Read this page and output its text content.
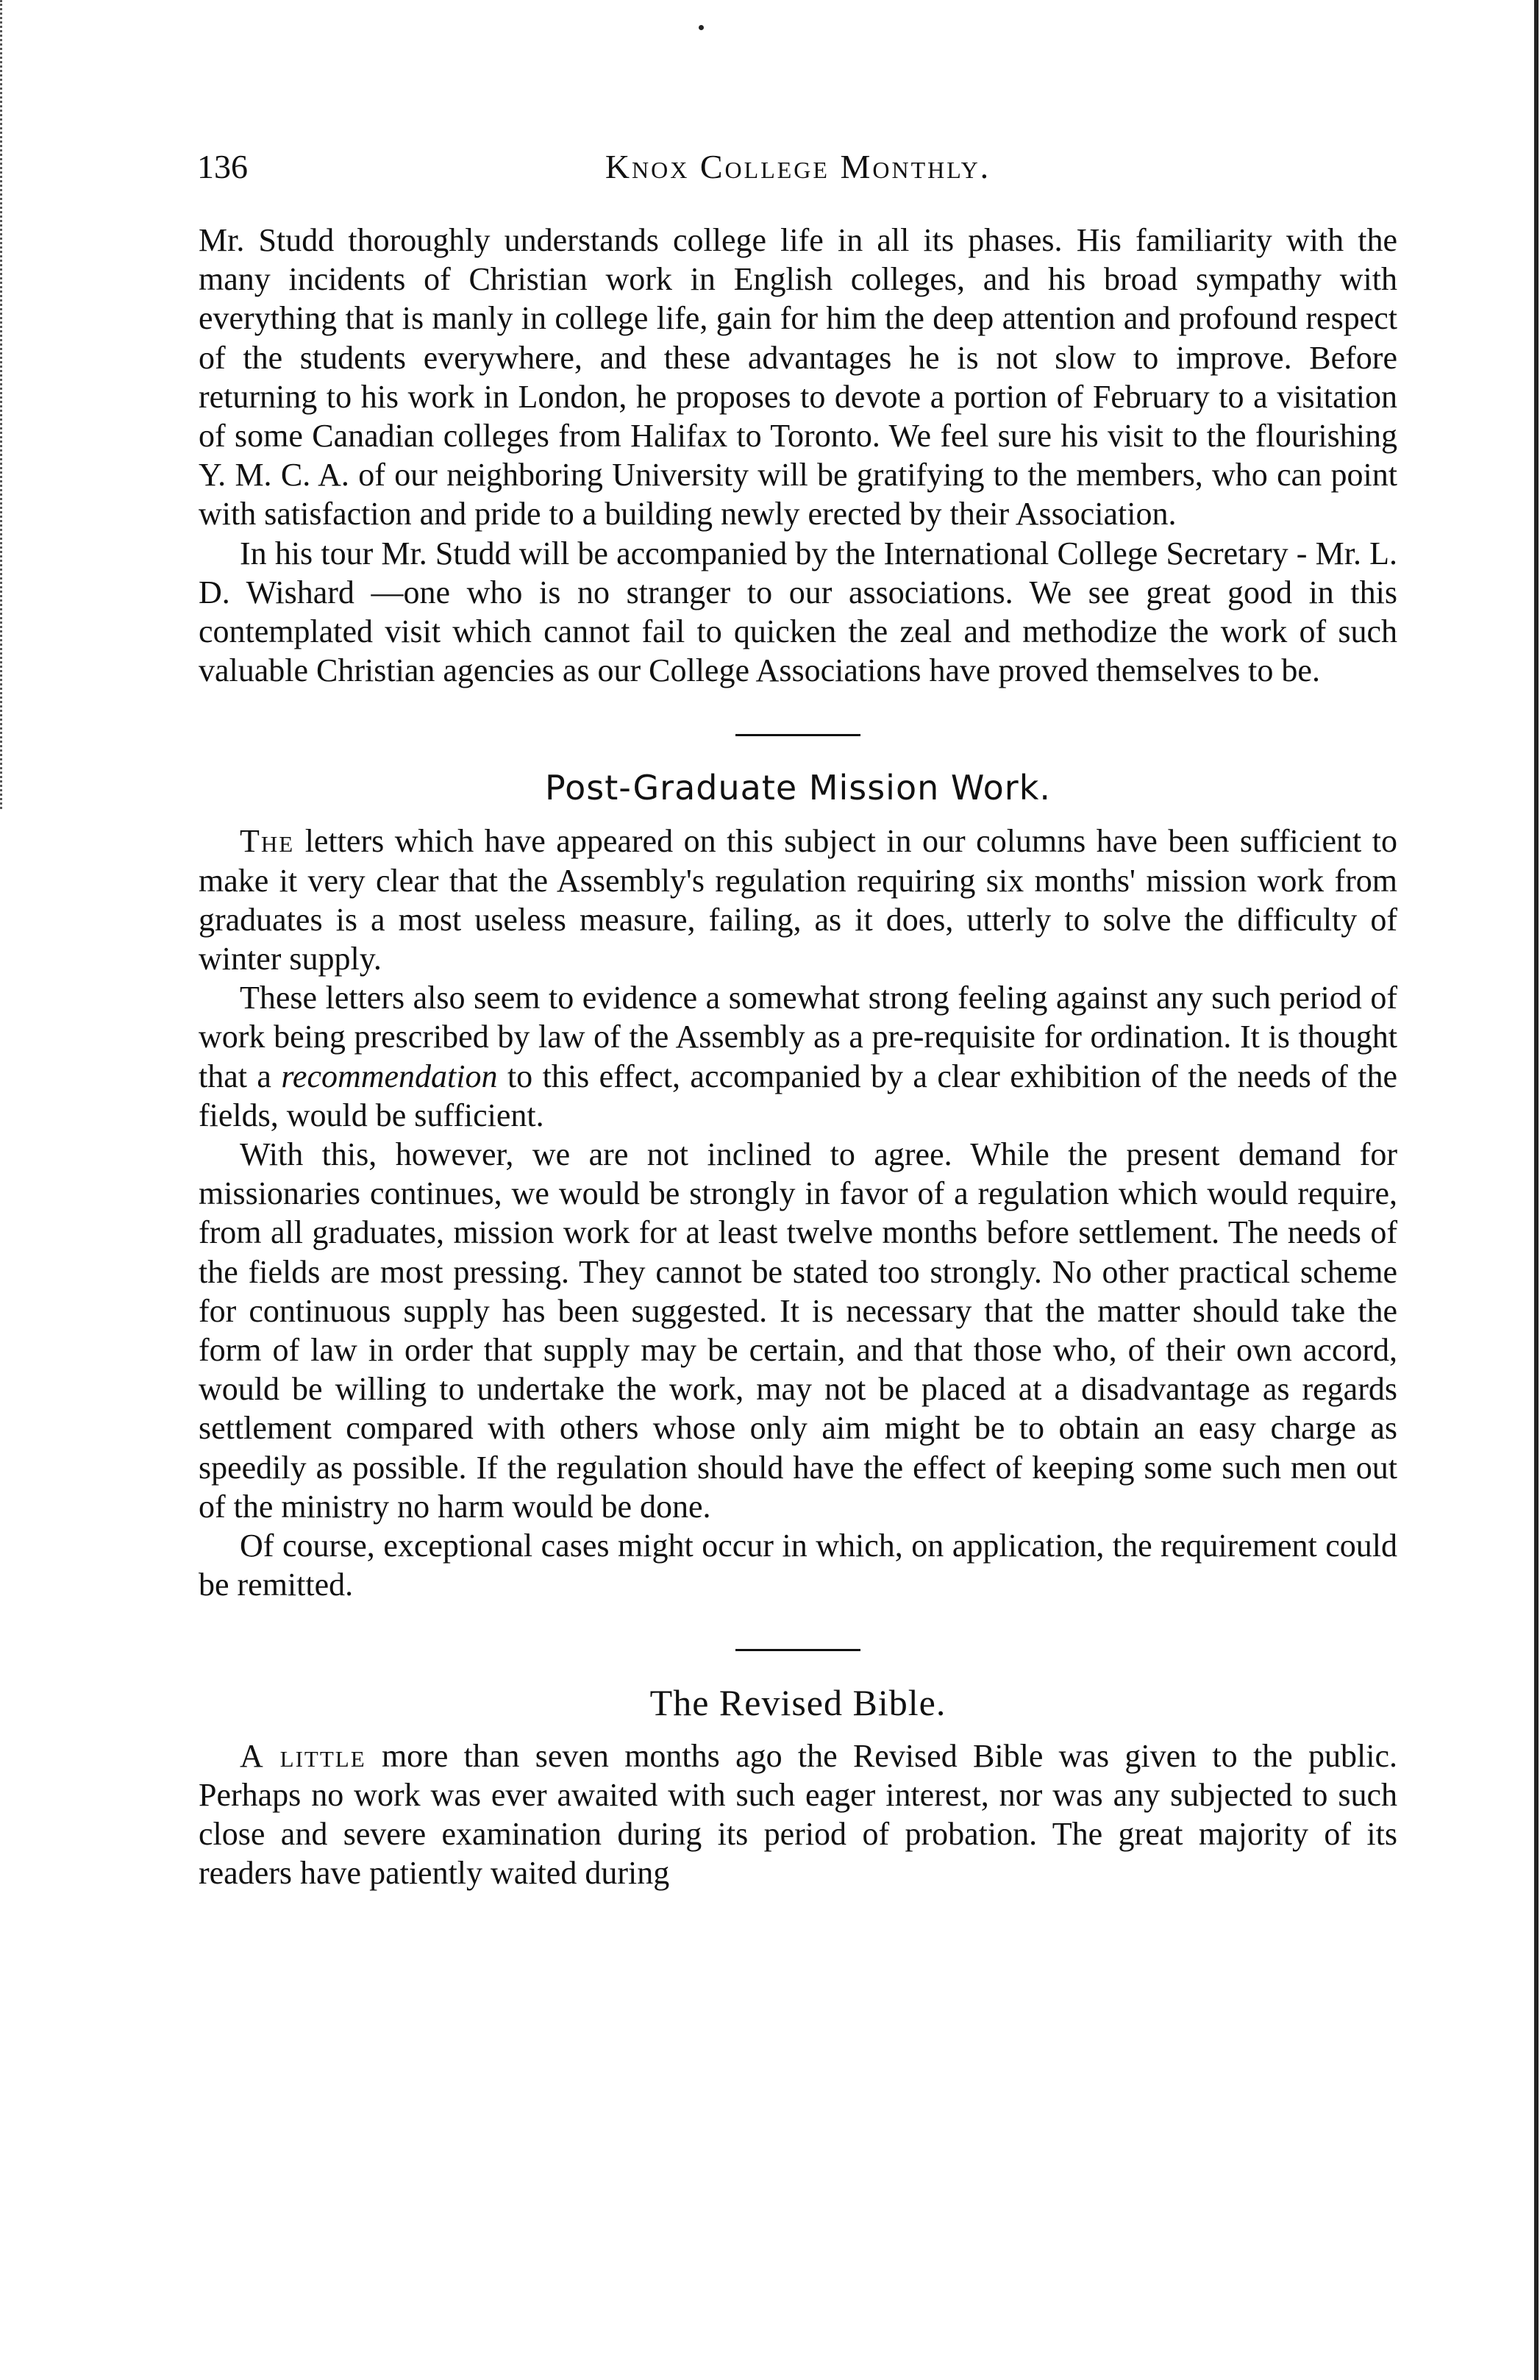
136	Knox College Monthly.

Mr. Studd thoroughly understands college life in all its phases. His familiarity with the many incidents of Christian work in English colleges, and his broad sympathy with everything that is manly in college life, gain for him the deep attention and profound respect of the students everywhere, and these advantages he is not slow to improve. Before returning to his work in London, he proposes to devote a portion of February to a visitation of some Canadian colleges from Halifax to Toronto. We feel sure his visit to the flourishing Y. M. C. A. of our neighboring University will be gratifying to the members, who can point with satisfaction and pride to a building newly erected by their Association.

In his tour Mr. Studd will be accompanied by the International College Secretary - Mr. L. D. Wishard —one who is no stranger to our associations. We see great good in this contemplated visit which cannot fail to quicken the zeal and methodize the work of such valuable Christian agencies as our College Associations have proved themselves to be.

Post-Graduate Mission Work.

The letters which have appeared on this subject in our columns have been sufficient to make it very clear that the Assembly's regulation requiring six months' mission work from graduates is a most useless measure, failing, as it does, utterly to solve the difficulty of winter supply.

These letters also seem to evidence a somewhat strong feeling against any such period of work being prescribed by law of the Assembly as a pre-requisite for ordination. It is thought that a recommendation to this effect, accompanied by a clear exhibition of the needs of the fields, would be sufficient.

With this, however, we are not inclined to agree. While the present demand for missionaries continues, we would be strongly in favor of a regulation which would require, from all graduates, mission work for at least twelve months before settlement. The needs of the fields are most pressing. They cannot be stated too strongly. No other practical scheme for continuous supply has been suggested. It is necessary that the matter should take the form of law in order that supply may be certain, and that those who, of their own accord, would be willing to undertake the work, may not be placed at a disadvantage as regards settlement compared with others whose only aim might be to obtain an easy charge as speedily as possible. If the regulation should have the effect of keeping some such men out of the ministry no harm would be done.

Of course, exceptional cases might occur in which, on application, the requirement could be remitted.

The Revised Bible.

A little more than seven months ago the Revised Bible was given to the public. Perhaps no work was ever awaited with such eager interest, nor was any subjected to such close and severe examination during its period of probation. The great majority of its readers have patiently waited during
